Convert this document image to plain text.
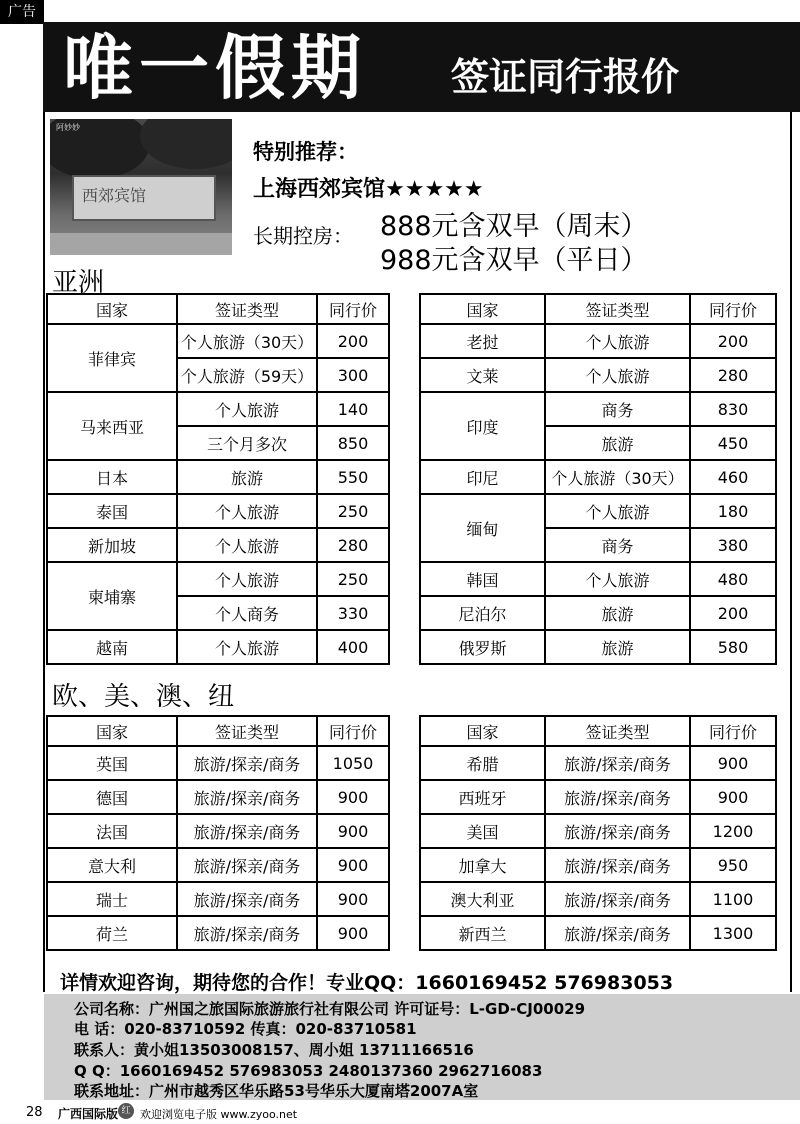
广告
唯一假期 签证同行报价
西郊宾馆
阿妙妙
特别推荐：
上海西郊宾馆★★★★★
长期控房： 888元含双早（周末）
988元含双早（平日）
亚洲
国家	签证类型	同行价
菲律宾	个人旅游（30天）	200
	个人旅游（59天）	300
马来西亚	个人旅游	140
	三个月多次	850
日本	旅游	550
泰国	个人旅游	250
新加坡	个人旅游	280
柬埔寨	个人旅游	250
	个人商务	330
越南	个人旅游	400
国家	签证类型	同行价
老挝	个人旅游	200
文莱	个人旅游	280
印度	商务	830
	旅游	450
印尼	个人旅游（30天）	460
缅甸	个人旅游	180
	商务	380
韩国	个人旅游	480
尼泊尔	旅游	200
俄罗斯	旅游	580
欧、美、澳、纽
国家	签证类型	同行价
英国	旅游/探亲/商务	1050
德国	旅游/探亲/商务	900
法国	旅游/探亲/商务	900
意大利	旅游/探亲/商务	900
瑞士	旅游/探亲/商务	900
荷兰	旅游/探亲/商务	900
国家	签证类型	同行价
希腊	旅游/探亲/商务	900
西班牙	旅游/探亲/商务	900
美国	旅游/探亲/商务	1200
加拿大	旅游/探亲/商务	950
澳大利亚	旅游/探亲/商务	1100
新西兰	旅游/探亲/商务	1300
详情欢迎咨询，期待您的合作！专业QQ：1660169452 576983053
公司名称：广州国之旅国际旅游旅行社有限公司 许可证号：L-GD-CJ00029
电 话：020-83710592 传真：020-83710581
联系人：黄小姐13503008157、周小姐 13711166516
Q Q：1660169452 576983053 2480137360 2962716083
联系地址：广州市越秀区华乐路53号华乐大厦南塔2007A室
28 广西国际版 红 欢迎浏览电子版 www.zyoo.net
